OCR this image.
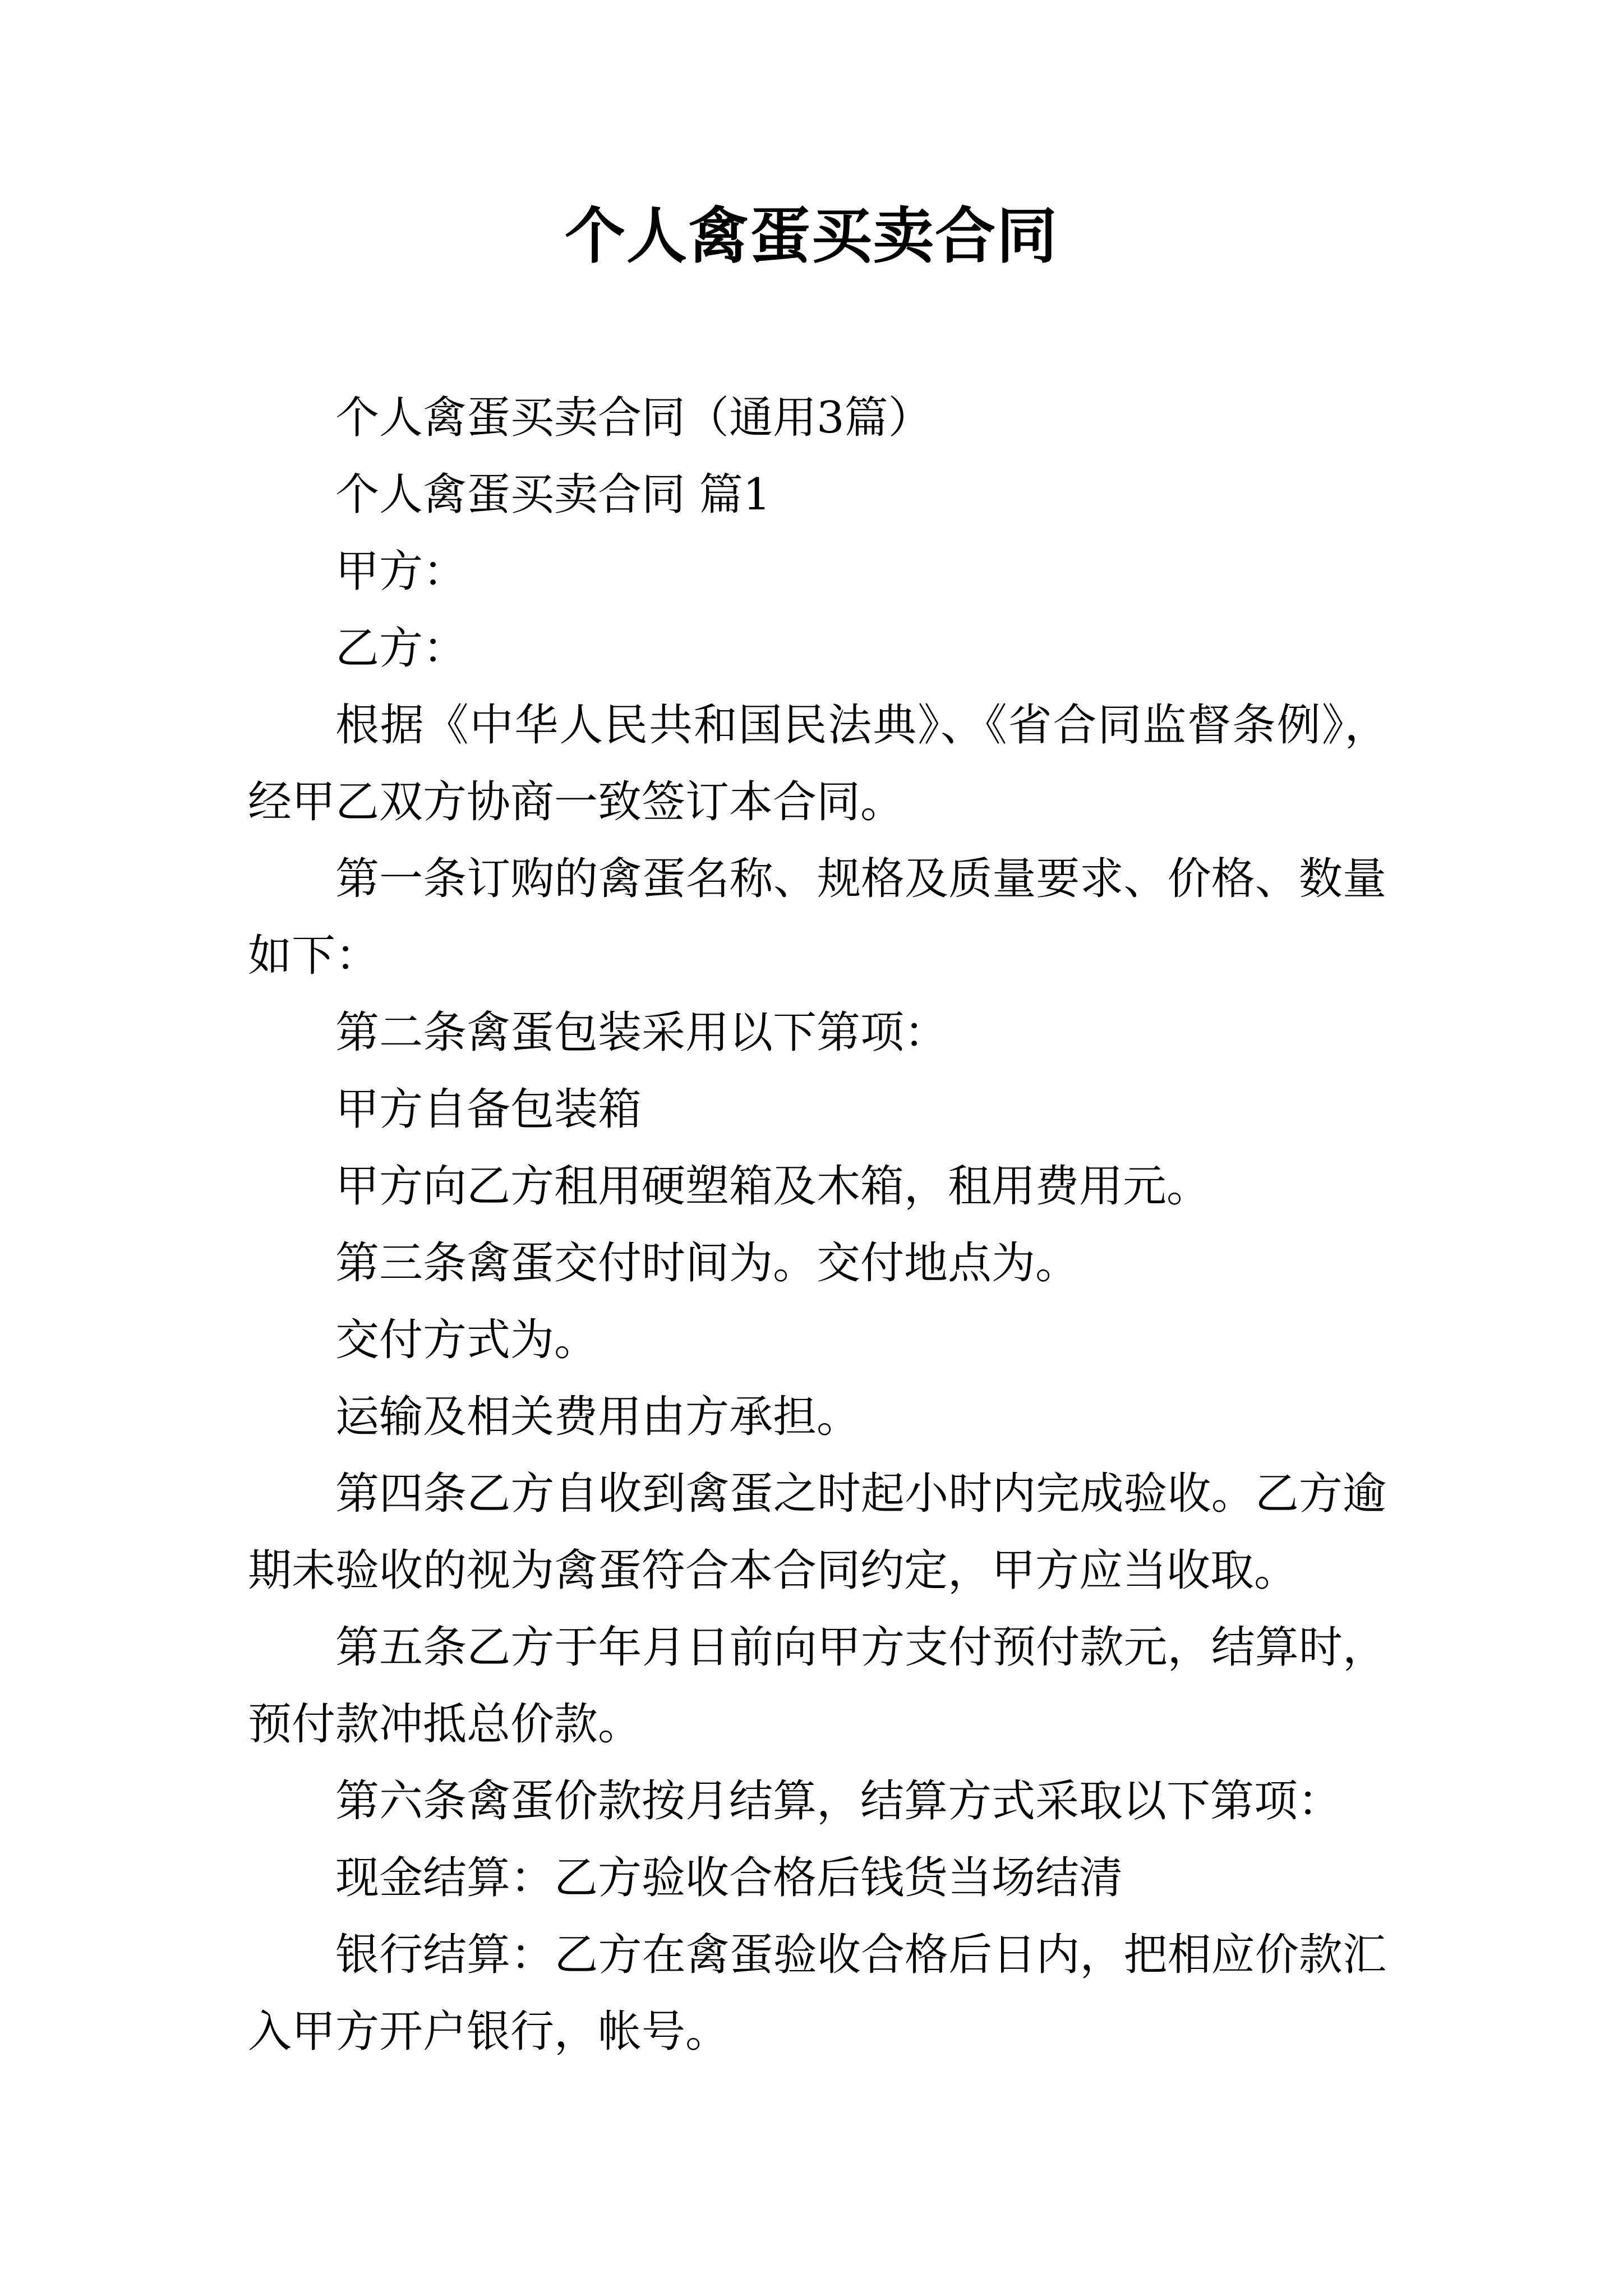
个人禽蛋买卖合同
个人禽蛋买卖合同（通用3篇）
个人禽蛋买卖合同 篇1
甲方：
乙方：
根据《中华人民共和国民法典》、《省合同监督条例》，
经甲乙双方协商一致签订本合同。
第一条订购的禽蛋名称、规格及质量要求、价格、数量
如下：
第二条禽蛋包装采用以下第项：
甲方自备包装箱
甲方向乙方租用硬塑箱及木箱，租用费用元。
第三条禽蛋交付时间为。交付地点为。
交付方式为。
运输及相关费用由方承担。
第四条乙方自收到禽蛋之时起小时内完成验收。乙方逾
期未验收的视为禽蛋符合本合同约定，甲方应当收取。
第五条乙方于年月日前向甲方支付预付款元，结算时，
预付款冲抵总价款。
第六条禽蛋价款按月结算，结算方式采取以下第项：
现金结算：乙方验收合格后钱货当场结清
银行结算：乙方在禽蛋验收合格后日内，把相应价款汇
入甲方开户银行，帐号。
